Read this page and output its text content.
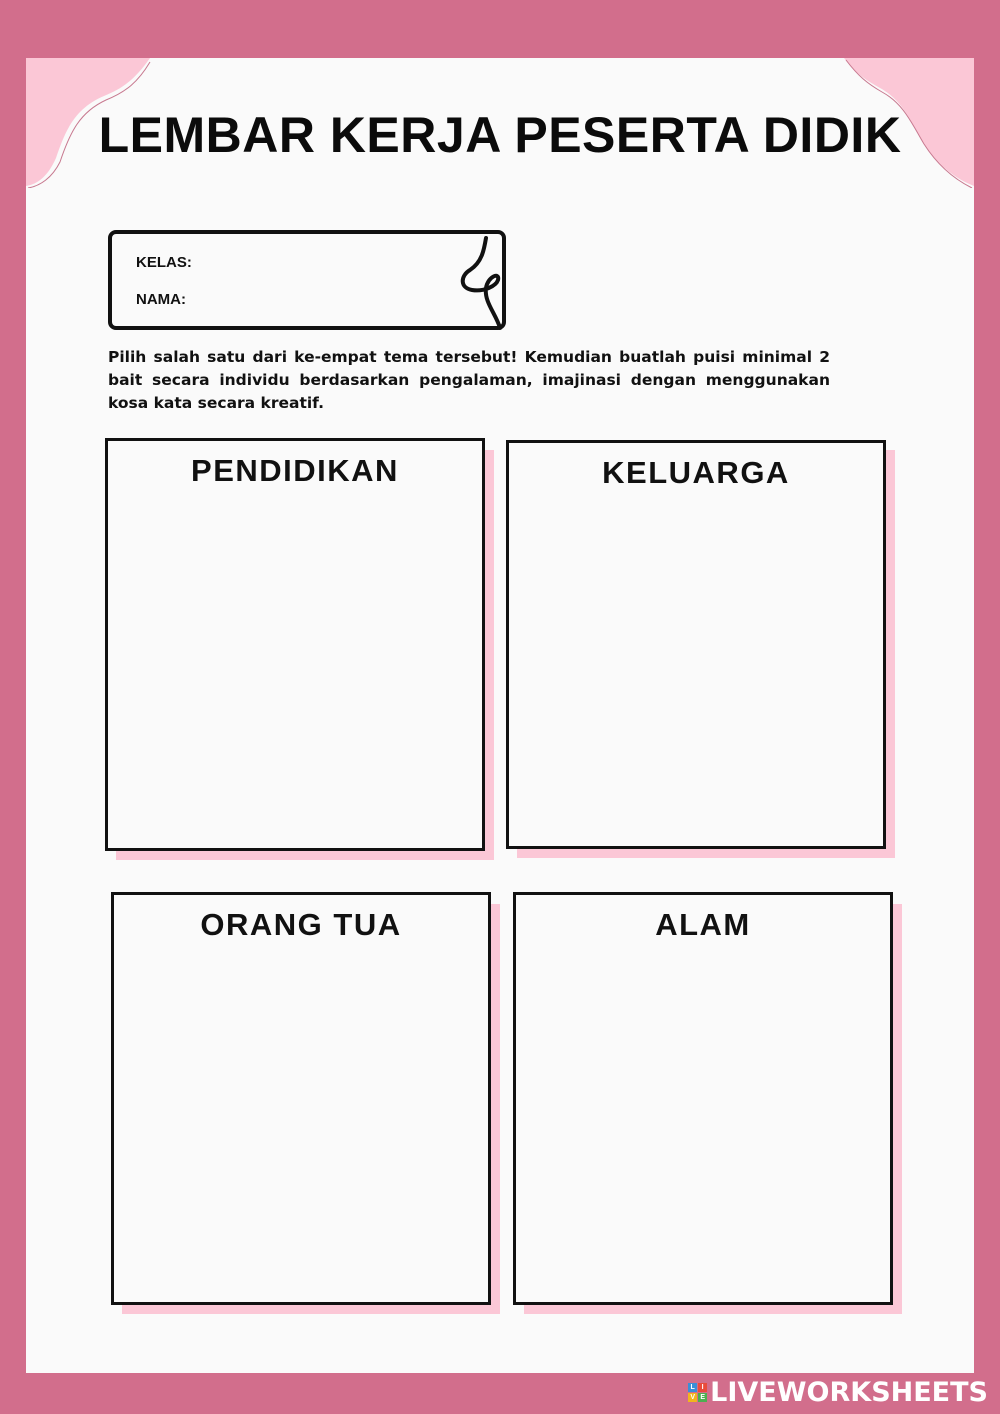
LEMBAR KERJA PESERTA DIDIK
KELAS:
NAMA:
Pilih salah satu dari ke-empat tema tersebut! Kemudian buatlah puisi minimal 2 bait secara individu berdasarkan pengalaman, imajinasi dengan menggunakan kosa kata secara kreatif.
PENDIDIKAN	KELUARGA
ORANG TUA	ALAM
L I
V E LIVEWORKSHEETS
